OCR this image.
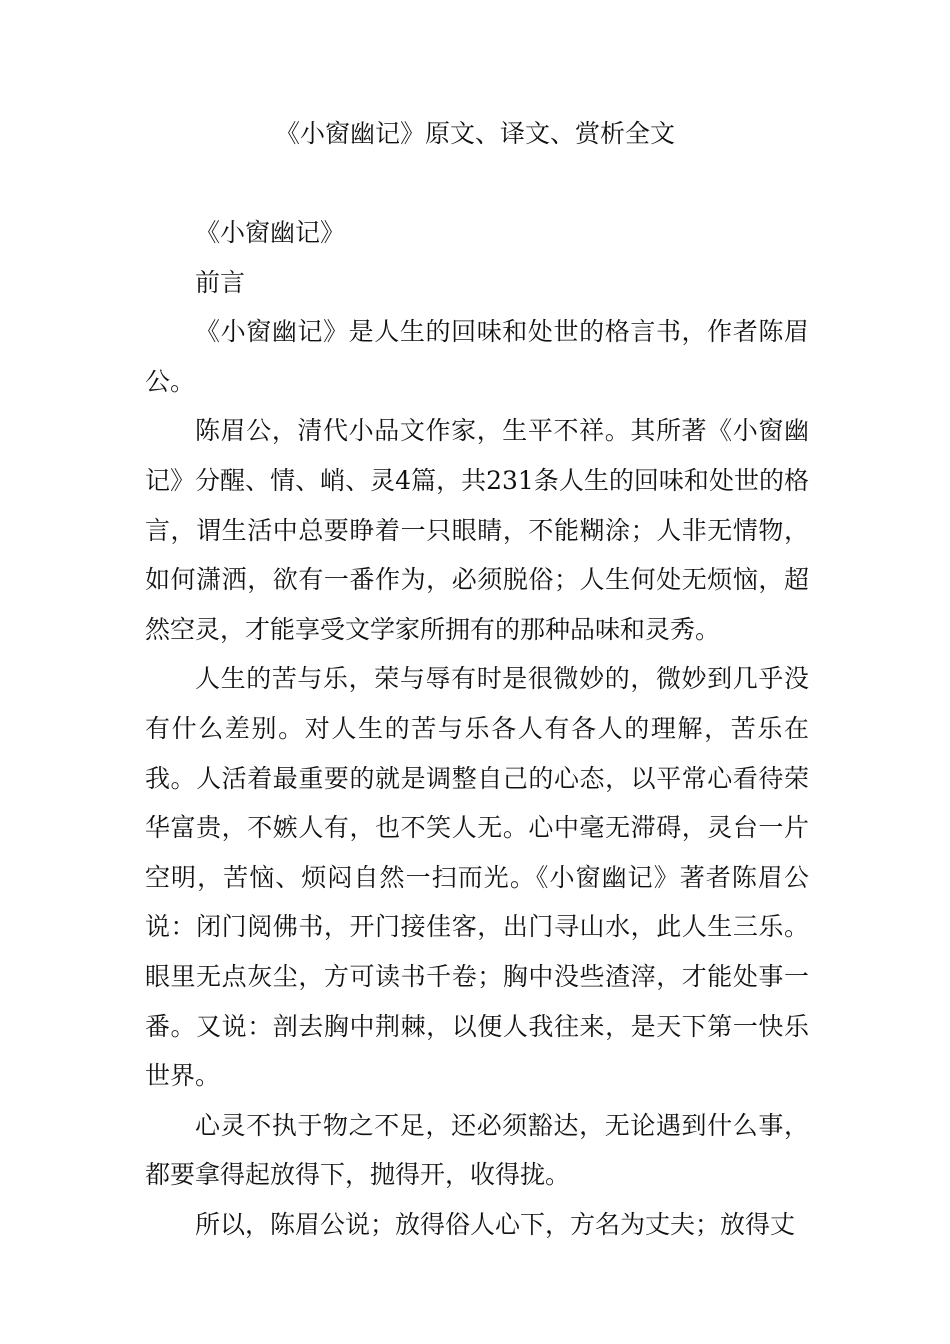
《小窗幽记》原文、译文、赏析全文

《小窗幽记》

前言

《小窗幽记》是人生的回味和处世的格言书，作者陈眉公。

陈眉公，清代小品文作家，生平不祥。其所著《小窗幽记》分醒、情、峭、灵4篇，共231条人生的回味和处世的格言，谓生活中总要睁着一只眼睛，不能糊涂；人非无情物，如何潇洒，欲有一番作为，必须脱俗；人生何处无烦恼，超然空灵，才能享受文学家所拥有的那种品味和灵秀。

人生的苦与乐，荣与辱有时是很微妙的，微妙到几乎没有什么差别。对人生的苦与乐各人有各人的理解，苦乐在我。人活着最重要的就是调整自己的心态，以平常心看待荣华富贵，不嫉人有，也不笑人无。心中毫无滞碍，灵台一片空明，苦恼、烦闷自然一扫而光。《小窗幽记》著者陈眉公说：闭门阅佛书，开门接佳客，出门寻山水，此人生三乐。眼里无点灰尘，方可读书千卷；胸中没些渣滓，才能处事一番。又说：剖去胸中荆棘，以便人我往来，是天下第一快乐世界。

心灵不执于物之不足，还必须豁达，无论遇到什么事，都要拿得起放得下，抛得开，收得拢。

所以，陈眉公说；放得俗人心下，方名为丈夫；放得丈
